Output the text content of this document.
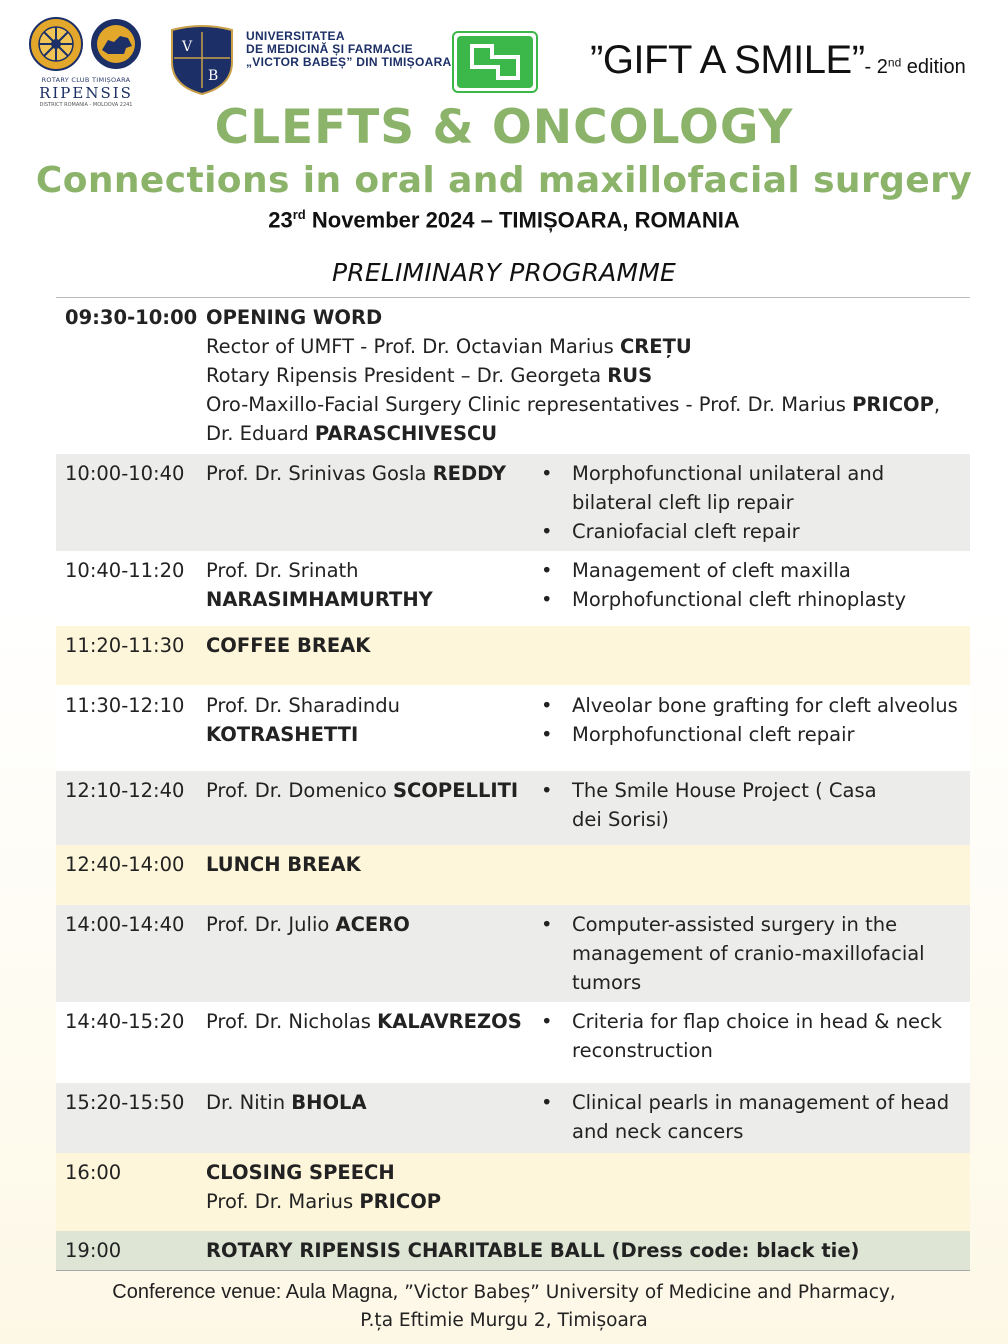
ROTARY CLUB TIMIȘOARA
RIPENSIS
DISTRICT ROMANIA - MOLDOVA 2241
V
B
UNIVERSITATEA
DE MEDICINĂ ȘI FARMACIE
„VICTOR BABEȘ” DIN TIMIȘOARA	”GIFT A SMILE”- 2nd edition
CLEFTS & ONCOLOGY
Connections in oral and maxillofacial surgery
23rd November 2024 – TIMIȘOARA, ROMANIA
PRELIMINARY PROGRAMME
09:30-10:00 OPENING WORD
Rector of UMFT - Prof. Dr. Octavian Marius CREȚU
Rotary Ripensis President – Dr. Georgeta RUS
Oro-Maxillo-Facial Surgery Clinic representatives - Prof. Dr. Marius PRICOP,
Dr. Eduard PARASCHIVESCU
10:00-10:40 Prof. Dr. Srinivas Gosla REDDY	• Morphofunctional unilateral and bilateral cleft lip repair
• Craniofacial cleft repair
10:40-11:20 Prof. Dr. Srinath
NARASIMHAMURTHY
• Management of cleft maxilla
• Morphofunctional cleft rhinoplasty
11:20-11:30 COFFEE BREAK
11:30-12:10 Prof. Dr. Sharadindu
KOTRASHETTI
• Alveolar bone grafting for cleft alveolus
• Morphofunctional cleft repair
12:10-12:40 Prof. Dr. Domenico SCOPELLITI	• The Smile House Project ( Casa dei Sorisi)
12:40-14:00 LUNCH BREAK
14:00-14:40 Prof. Dr. Julio ACERO	• Computer-assisted surgery in the management of cranio-maxillofacial tumors
14:40-15:20 Prof. Dr. Nicholas KALAVREZOS	• Criteria for flap choice in head & neck reconstruction
15:20-15:50 Dr. Nitin BHOLA	• Clinical pearls in management of head and neck cancers
16:00	CLOSING SPEECH
Prof. Dr. Marius PRICOP
19:00	ROTARY RIPENSIS CHARITABLE BALL (Dress code: black tie)
Conference venue: Aula Magna, ”Victor Babeș” University of Medicine and Pharmacy,
P.ța Eftimie Murgu 2, Timișoara
